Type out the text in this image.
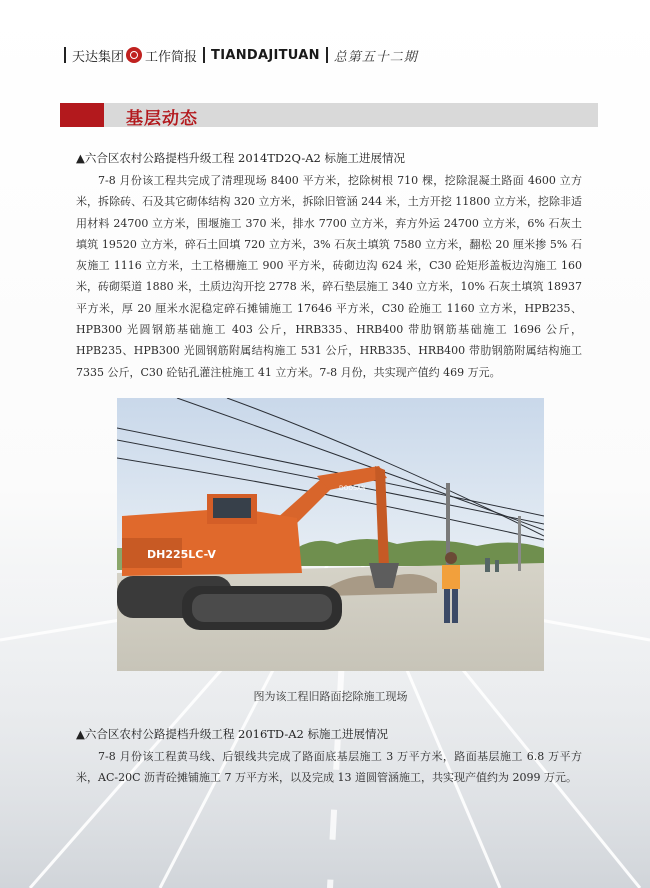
天达集团 工作简报 TIANDAJITUAN 总第五十二期
基层动态
▲六合区农村公路提档升级工程 2014TD2Q-A2 标施工进展情况
7-8 月份该工程共完成了清理现场 8400 平方米，挖除树根 710 棵，挖除混凝土路面 4600 立方米，拆除砖、石及其它砌体结构 320 立方米，拆除旧管涵 244 米，土方开挖 11800 立方米，挖除非适用材料 24700 立方米，围堰施工 370 米，排水 7700 立方米，弃方外运 24700 立方米，6% 石灰土填筑 19520 立方米，碎石土回填 720 立方米，3% 石灰土填筑 7580 立方米，翻松 20 厘米掺 5% 石灰施工 1116 立方米，土工格栅施工 900 平方米，砖砌边沟 624 米，C30 砼矩形盖板边沟施工 160 米，砖砌渠道 1880 米，土质边沟开挖 2778 米，碎石垫层施工 340 立方米，10% 石灰土填筑 18937 平方米，厚 20 厘米水泥稳定碎石摊铺施工 17646 平方米，C30 砼施工 1160 立方米，HPB235、HPB300 光圆钢筋基础施工 403 公斤，HRB335、HRB400 带肋钢筋基础施工 1696 公斤，HPB235、HPB300 光圆钢筋附属结构施工 531 公斤，HRB335、HRB400 带肋钢筋附属结构施工 7335 公斤，C30 砼钻孔灌注桩施工 41 立方米。7-8 月份，共实现产值约 469 万元。
DH225LC-V
DOOSAN
图为该工程旧路面挖除施工现场
▲六合区农村公路提档升级工程 2016TD-A2 标施工进展情况
7-8 月份该工程黄马线、后银线共完成了路面底基层施工 3 万平方米，路面基层施工 6.8 万平方米，AC-20C 沥青砼摊铺施工 7 万平方米，以及完成 13 道圆管涵施工，共实现产值约为 2099 万元。
